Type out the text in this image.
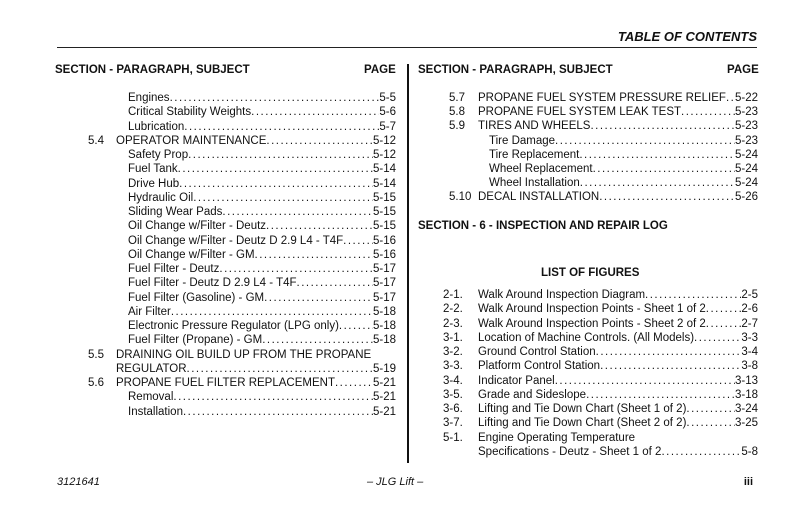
TABLE OF CONTENTS
SECTION - PARAGRAPH, SUBJECT	PAGE SECTION - PARAGRAPH, SUBJECT	PAGE
Engines .....	5-5
Critical Stability Weights .....	5-6
Lubrication .....	5-7
5.4 OPERATOR MAINTENANCE .....	5-12
Safety Prop .....	5-12
Fuel Tank .....	5-14
Drive Hub .....	5-14
Hydraulic Oil .....	5-15
Sliding Wear Pads .....	5-15
Oil Change w/Filter - Deutz .....	5-15
Oil Change w/Filter - Deutz D 2.9 L4 - T4F .....	5-16
Oil Change w/Filter - GM .....	5-16
Fuel Filter - Deutz .....	5-17
Fuel Filter - Deutz D 2.9 L4 - T4F .....	5-17
Fuel Filter (Gasoline) - GM .....	5-17
Air Filter .....	5-18
Electronic Pressure Regulator (LPG only) .....	5-18
Fuel Filter (Propane) - GM .....	5-18
5.5 DRAINING OIL BUILD UP FROM THE PROPANE
REGULATOR .....	5-19
5.6 PROPANE FUEL FILTER REPLACEMENT .....	5-21
Removal .....	5-21
Installation .....	5-21
5.7 PROPANE FUEL SYSTEM PRESSURE RELIEF ..... 5-22
5.8 PROPANE FUEL SYSTEM LEAK TEST .....	5-23
5.9 TIRES AND WHEELS .....	5-23
Tire Damage .....	5-23
Tire Replacement .....	5-24
Wheel Replacement .....	5-24
Wheel Installation .....	5-24
5.10 DECAL INSTALLATION .....	5-26
SECTION - 6 - INSPECTION AND REPAIR LOG
LIST OF FIGURES
2-1. Walk Around Inspection Diagram .....	2-5
2-2. Walk Around Inspection Points - Sheet 1 of 2 .....	2-6
2-3. Walk Around Inspection Points - Sheet 2 of 2 .....	2-7
3-1. Location of Machine Controls. (All Models) .....	3-3
3-2. Ground Control Station .....	3-4
3-3. Platform Control Station .....	3-8
3-4. Indicator Panel .....	3-13
3-5. Grade and Sideslope .....	3-18
3-6. Lifting and Tie Down Chart (Sheet 1 of 2) .....	3-24
3-7. Lifting and Tie Down Chart (Sheet 2 of 2) .....	3-25
5-1. Engine Operating Temperature
Specifications - Deutz - Sheet 1 of 2 .....	5-8
3121641	– JLG Lift –	iii
